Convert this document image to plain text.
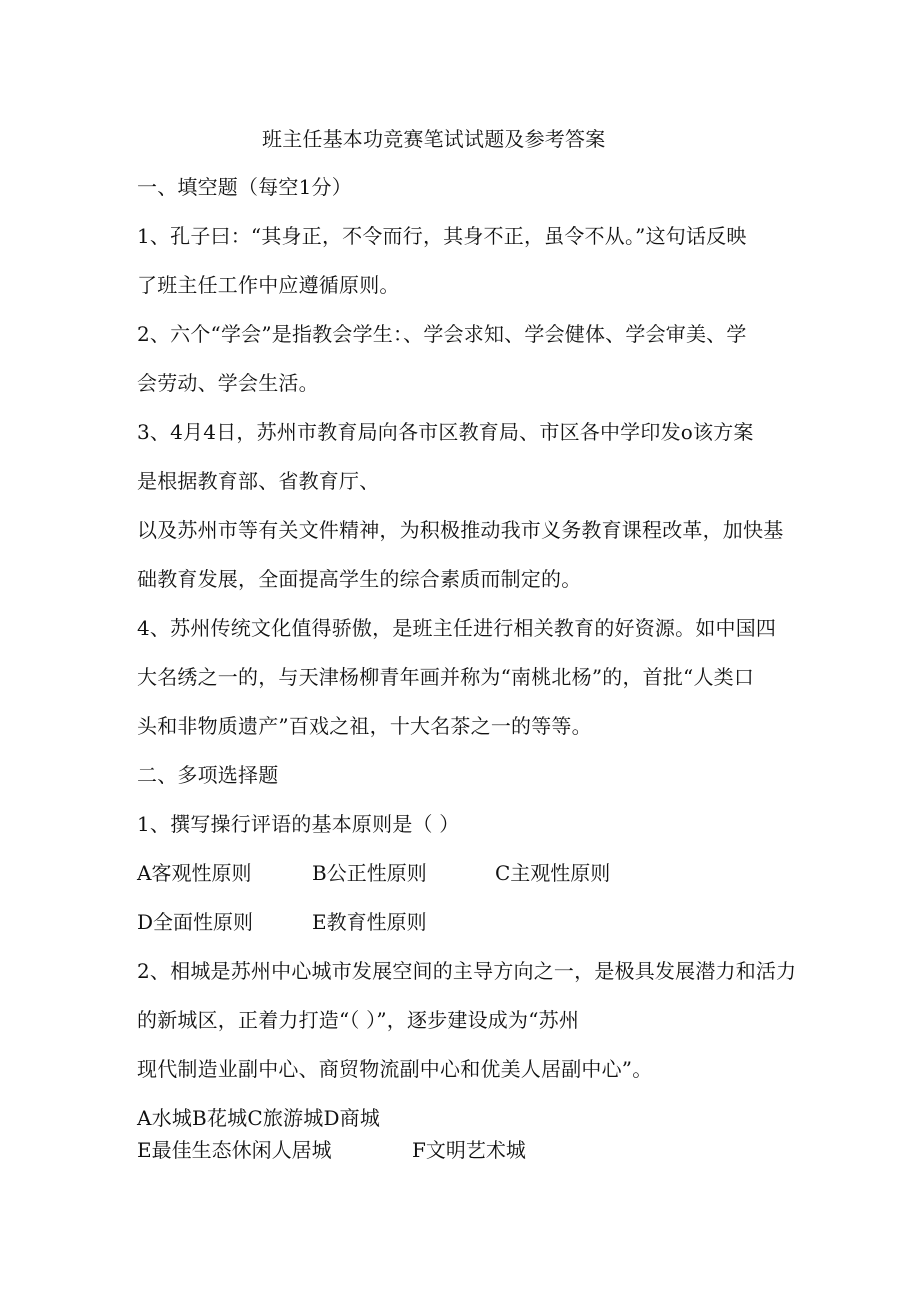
班主任基本功竞赛笔试试题及参考答案
一、填空题（每空1分）
1、孔子曰：“其身正，不令而行，其身不正，虽令不从。”这句话反映
了班主任工作中应遵循原则。
2、六个“学会”是指教会学生：、学会求知、学会健体、学会审美、学
会劳动、学会生活。
3、4月4日，苏州市教育局向各市区教育局、市区各中学印发o该方案
是根据教育部、省教育厅、
以及苏州市等有关文件精神，为积极推动我市义务教育课程改革，加快基
础教育发展，全面提高学生的综合素质而制定的。
4、苏州传统文化值得骄傲，是班主任进行相关教育的好资源。如中国四
大名绣之一的，与天津杨柳青年画并称为“南桃北杨”的，首批“人类口
头和非物质遗产”百戏之祖，十大名茶之一的等等。
二、多项选择题
1、撰写操行评语的基本原则是（ ）
A客观性原则	B公正性原则	C主观性原则
D全面性原则	E教育性原则
2、相城是苏州中心城市发展空间的主导方向之一，是极具发展潜力和活力
的新城区，正着力打造“（ ）”，逐步建设成为“苏州
现代制造业副中心、商贸物流副中心和优美人居副中心”。
A水城B花城C旅游城D商城
E最佳生态休闲人居城	F文明艺术城
